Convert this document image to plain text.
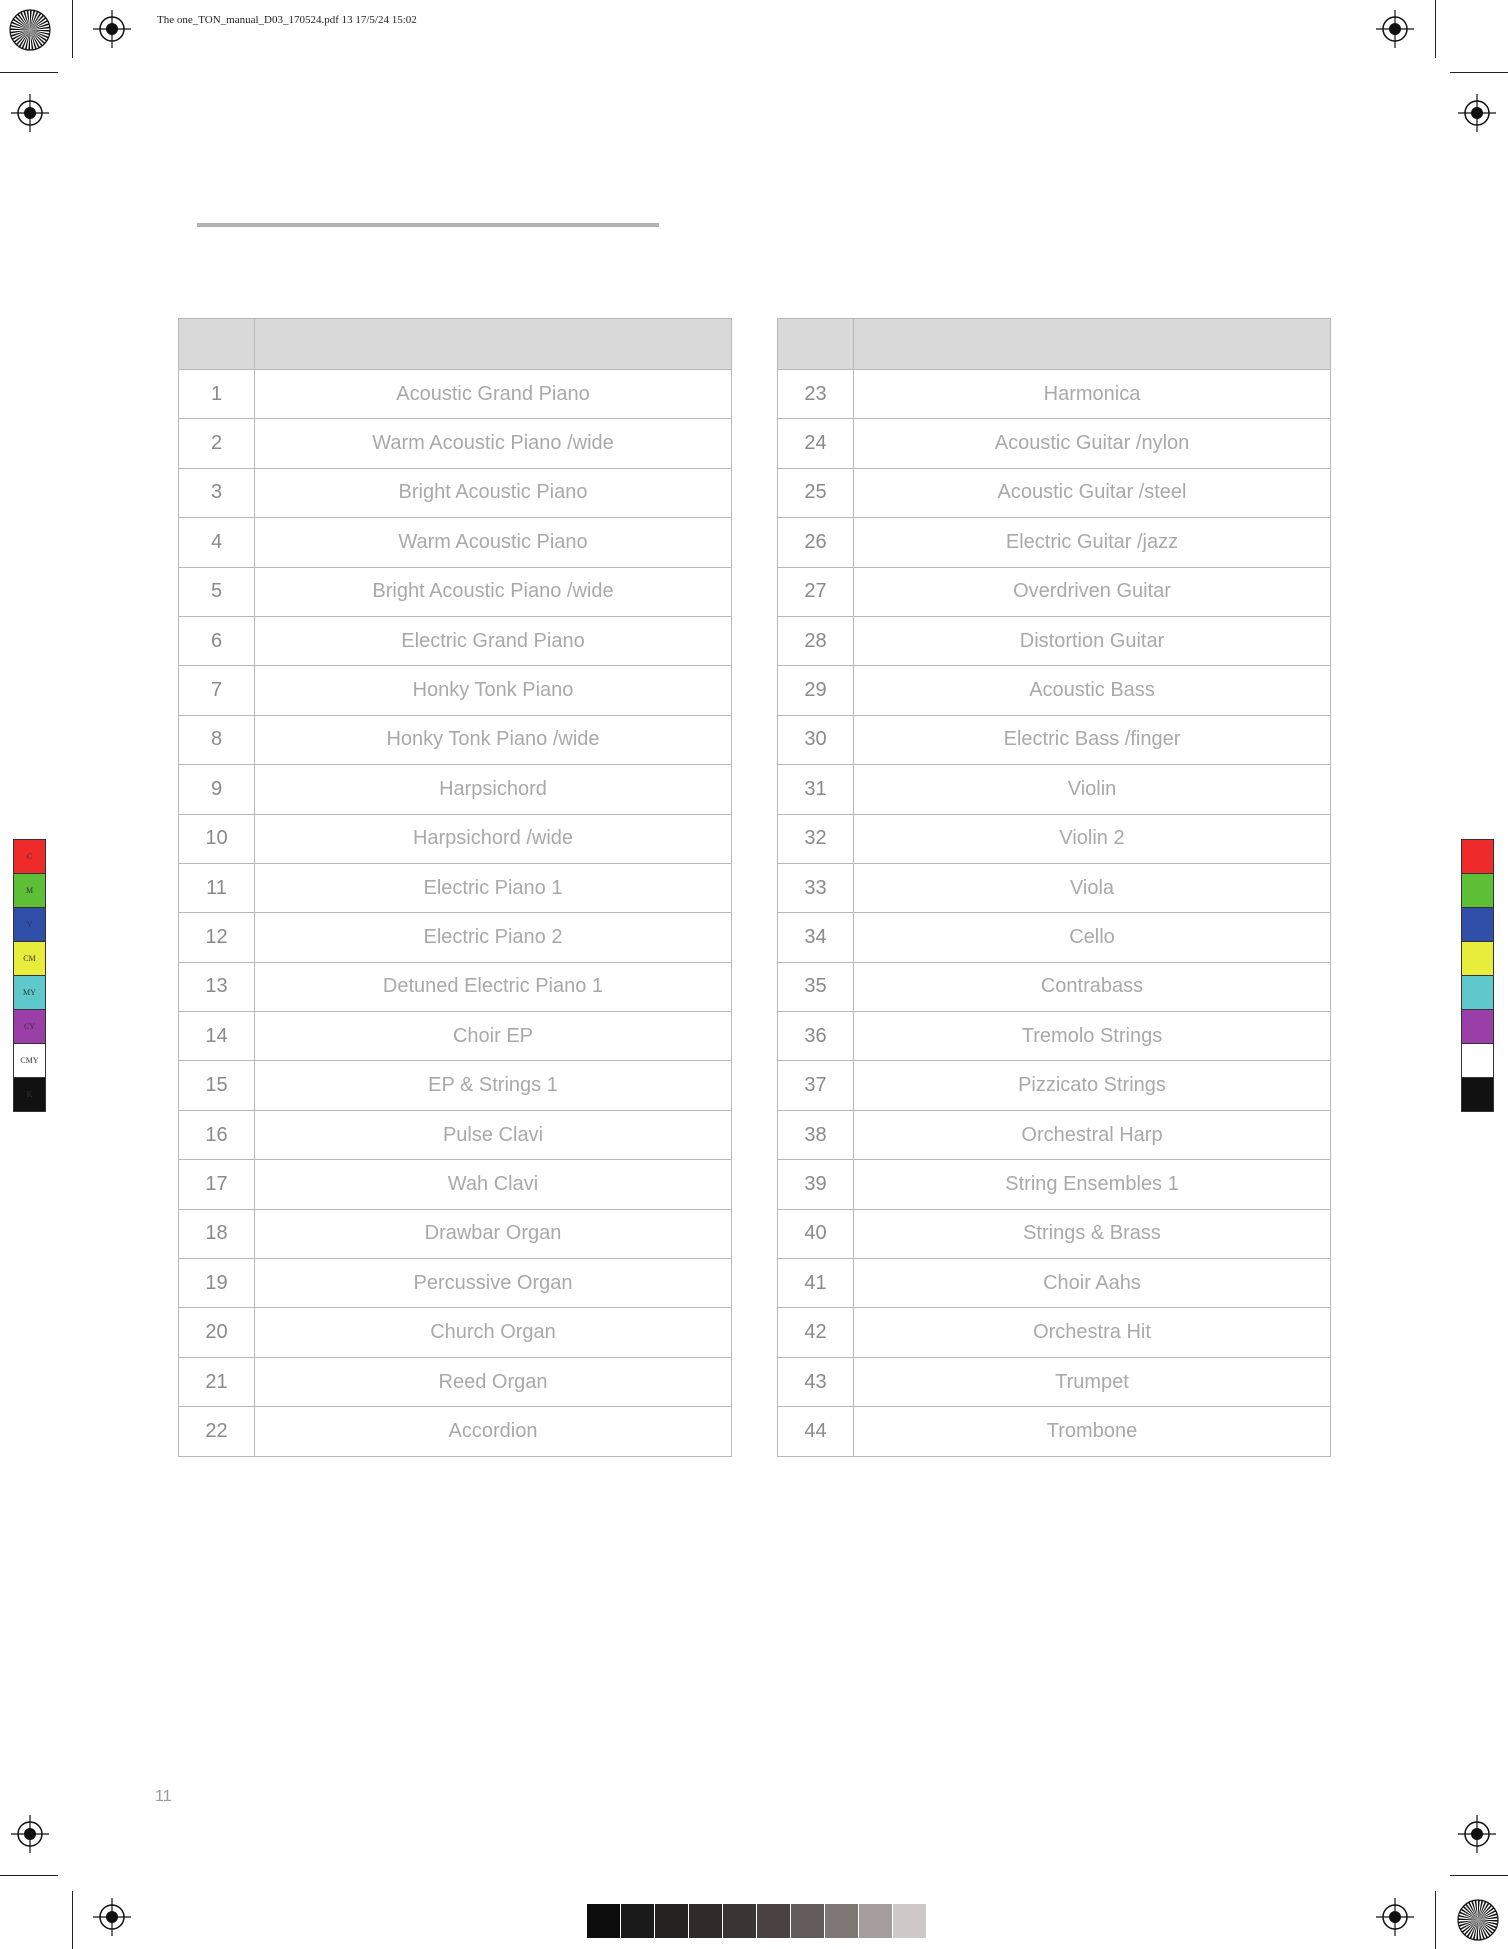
The one_TON_manual_D03_170524.pdf 13 17/5/24 15:02

1	Acoustic Grand Piano
2	Warm Acoustic Piano /wide
3	Bright Acoustic Piano
4	Warm Acoustic Piano
5	Bright Acoustic Piano /wide
6	Electric Grand Piano
7	Honky Tonk Piano
8	Honky Tonk Piano /wide
9	Harpsichord
10	Harpsichord /wide
11	Electric Piano 1
12	Electric Piano 2
13	Detuned Electric Piano 1
14	Choir EP
15	EP & Strings 1
16	Pulse Clavi
17	Wah Clavi
18	Drawbar Organ
19	Percussive Organ
20	Church Organ
21	Reed Organ
22	Accordion

23	Harmonica
24	Acoustic Guitar /nylon
25	Acoustic Guitar /steel
26	Electric Guitar /jazz
27	Overdriven Guitar
28	Distortion Guitar
29	Acoustic Bass
30	Electric Bass /finger
31	Violin
32	Violin 2
33	Viola
34	Cello
35	Contrabass
36	Tremolo Strings
37	Pizzicato Strings
38	Orchestral Harp
39	String Ensembles 1
40	Strings & Brass
41	Choir Aahs
42	Orchestra Hit
43	Trumpet
44	Trombone
C
M
Y
CM
MY
CY
CMY
K
11
